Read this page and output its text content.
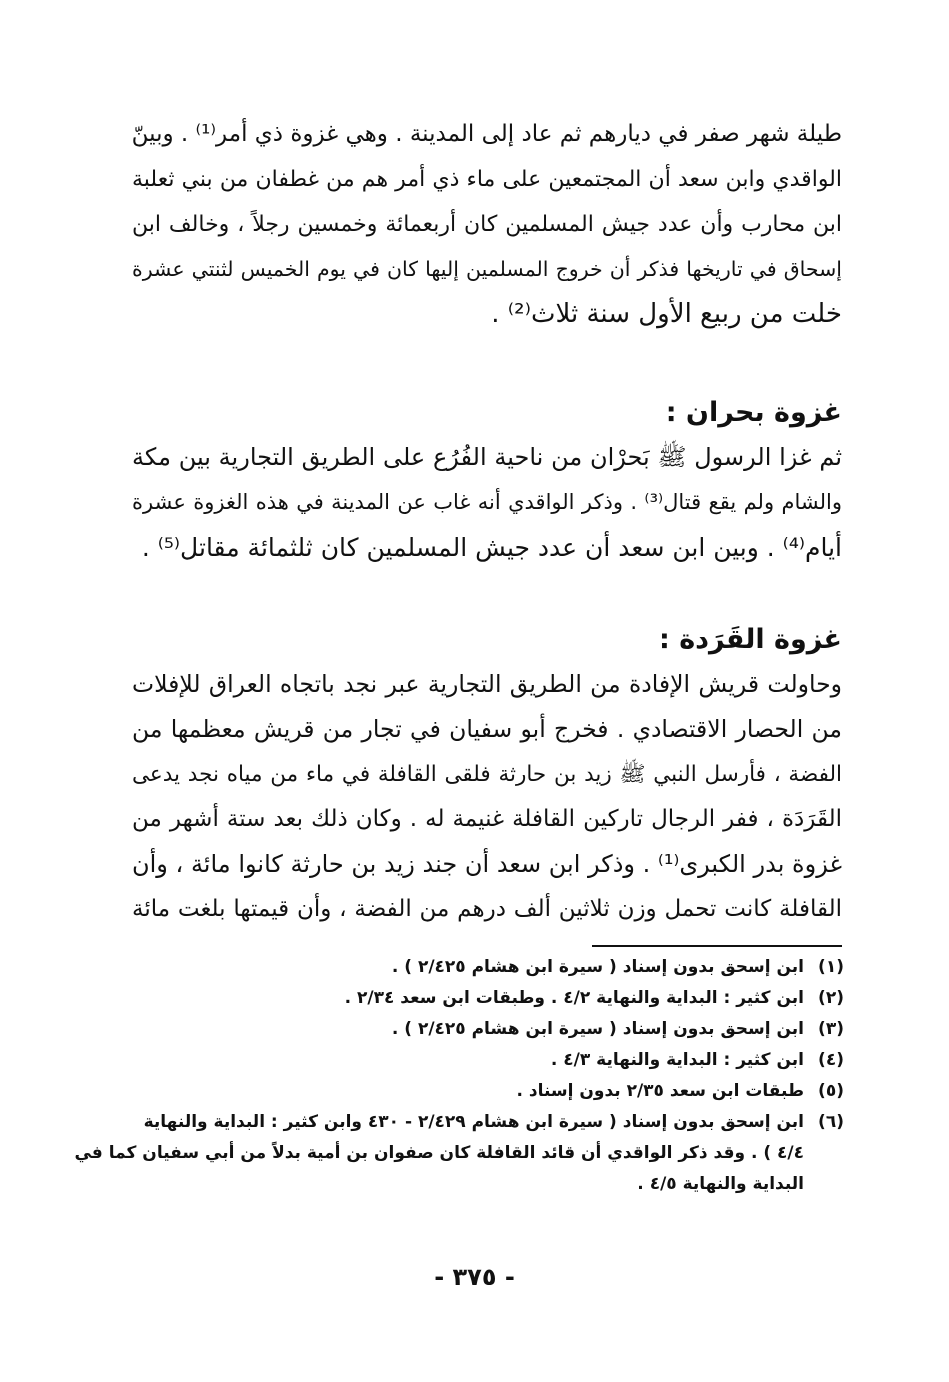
طيلة شهر صفر في ديارهم ثم عاد إلى المدينة . وهي غزوة ذي أمر⁽¹⁾ . وبينّ
الواقدي وابن سعد أن المجتمعين على ماء ذي أمر هم من غطفان من بني ثعلبة
ابن محارب وأن عدد جيش المسلمين كان أربعمائة وخمسين رجلاً ، وخالف ابن
إسحاق في تاريخها فذكر أن خروج المسلمين إليها كان في يوم الخميس لثنتي عشرة
خلت من ربيع الأول سنة ثلاث⁽²⁾ .
غزوة بحران :
ثم غزا الرسول ﷺ بَحرْان من ناحية الفُرُع على الطريق التجارية بين مكة
والشام ولم يقع قتال⁽³⁾ . وذكر الواقدي أنه غاب عن المدينة في هذه الغزوة عشرة
أيام⁽⁴⁾ . وبين ابن سعد أن عدد جيش المسلمين كان ثلثمائة مقاتل⁽⁵⁾ .
غزوة القَرَدة :
وحاولت قريش الإفادة من الطريق التجارية عبر نجد باتجاه العراق للإفلات
من الحصار الاقتصادي . فخرج أبو سفيان في تجار من قريش معظمها من
الفضة ، فأرسل النبي ﷺ زيد بن حارثة فلقى القافلة في ماء من مياه نجد يدعى
القَرَدَة ، ففر الرجال تاركين القافلة غنيمة له . وكان ذلك بعد ستة أشهر من
غزوة بدر الكبرى⁽¹⁾ . وذكر ابن سعد أن جند زيد بن حارثة كانوا مائة ، وأن
القافلة كانت تحمل وزن ثلاثين ألف درهم من الفضة ، وأن قيمتها بلغت مائة
(١)
ابن إسحق بدون إسناد ( سيرة ابن هشام ٢/٤٢٥ ) .
(٢)
ابن كثير : البداية والنهاية ٤/٢ . وطبقات ابن سعد ٢/٣٤ .
(٣)
ابن إسحق بدون إسناد ( سيرة ابن هشام ٢/٤٢٥ ) .
(٤)
ابن كثير : البداية والنهاية ٤/٣ .
(٥)
طبقات ابن سعد ٢/٣٥ بدون إسناد .
(٦)
ابن إسحق بدون إسناد ( سيرة ابن هشام ٢/٤٢٩ - ٤٣٠ وابن كثير : البداية والنهاية
٤/٤ ) . وقد ذكر الواقدي أن قائد القافلة كان صفوان بن أمية بدلاً من أبي سفيان كما في
البداية والنهاية ٤/٥ .
- ٣٧٥ -
